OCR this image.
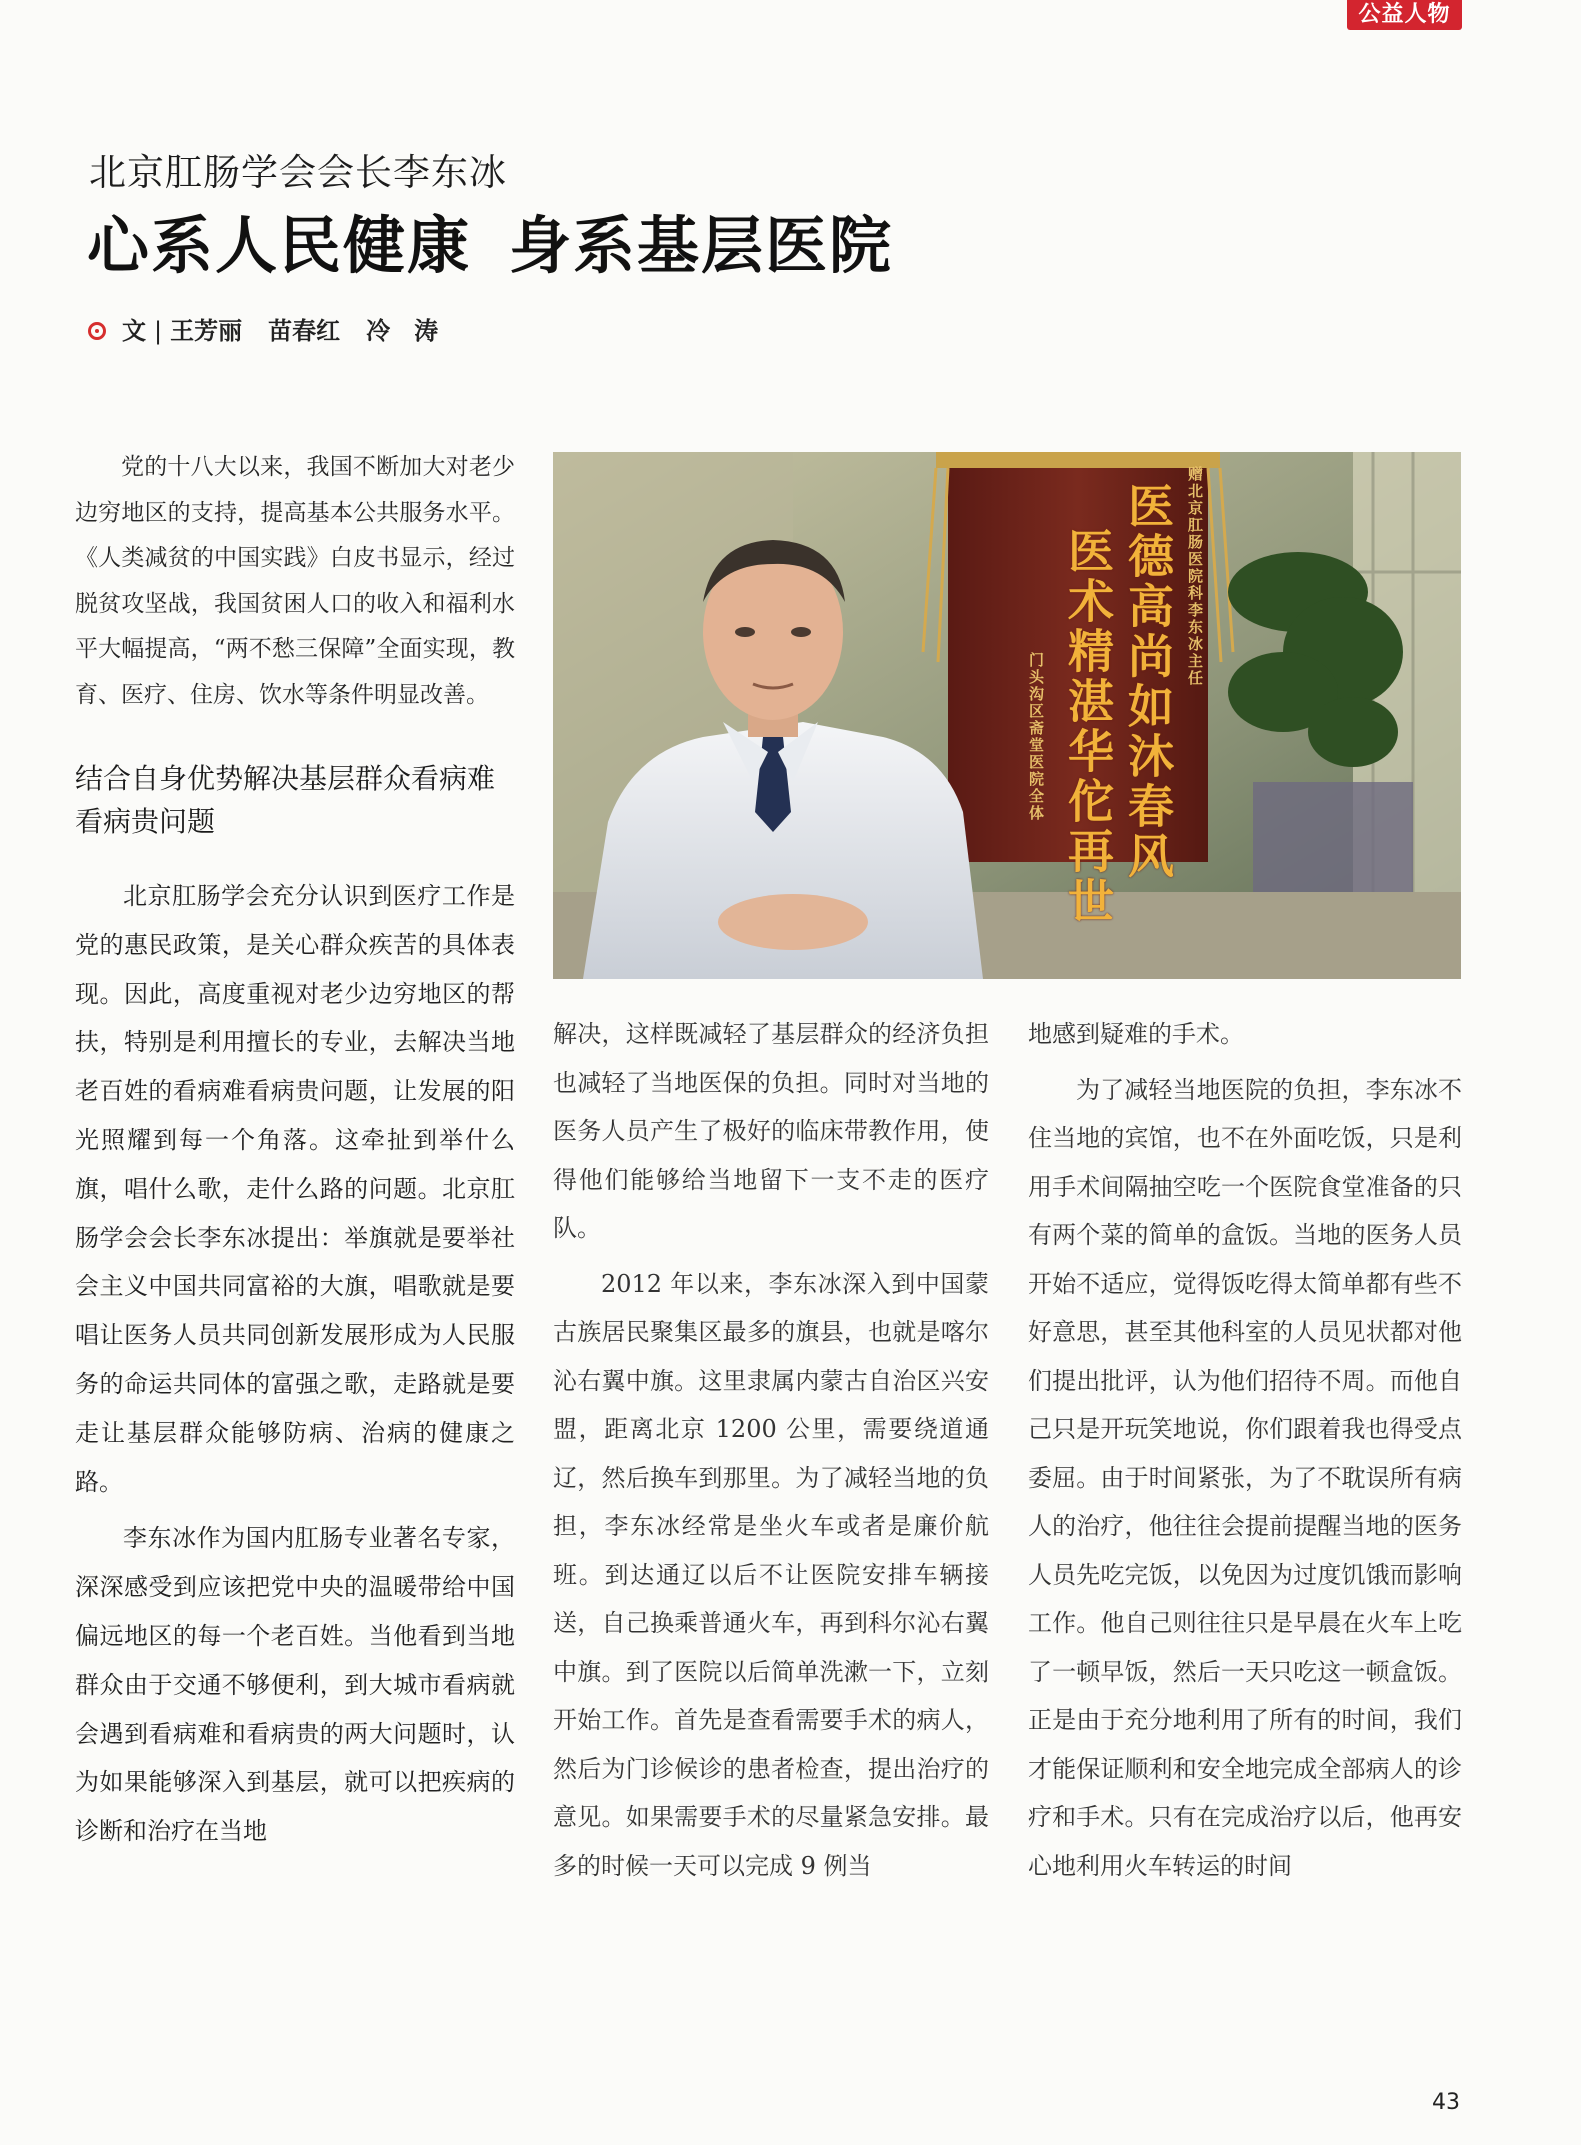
公益人物
北京肛肠学会会长李东冰
心系人民健康 身系基层医院
文 | 王芳丽 苗春红 冷　涛

党的十八大以来，我国不断加大对老少边穷地区的支持，提高基本公共服务水平。《人类减贫的中国实践》白皮书显示，经过脱贫攻坚战，我国贫困人口的收入和福利水平大幅提高，“两不愁三保障”全面实现，教育、医疗、住房、饮水等条件明显改善。

结合自身优势解决基层群众看病难看病贵问题

北京肛肠学会充分认识到医疗工作是党的惠民政策，是关心群众疾苦的具体表现。因此，高度重视对老少边穷地区的帮扶，特别是利用擅长的专业，去解决当地老百姓的看病难看病贵问题，让发展的阳光照耀到每一个角落。这牵扯到举什么旗，唱什么歌，走什么路的问题。北京肛肠学会会长李东冰提出：举旗就是要举社会主义中国共同富裕的大旗，唱歌就是要唱让医务人员共同创新发展形成为人民服务的命运共同体的富强之歌，走路就是要走让基层群众能够防病、治病的健康之路。

李东冰作为国内肛肠专业著名专家，深深感受到应该把党中央的温暖带给中国偏远地区的每一个老百姓。当他看到当地群众由于交通不够便利，到大城市看病就会遇到看病难和看病贵的两大问题时，认为如果能够深入到基层，就可以把疾病的诊断和治疗在当地

医德高尚如沐春风
医术精湛华佗再世	赠北京肛肠医院科李东冰主任
门头沟区斋堂医院全体

解决，这样既减轻了基层群众的经济负担也减轻了当地医保的负担。同时对当地的医务人员产生了极好的临床带教作用，使得他们能够给当地留下一支不走的医疗队。

2012 年以来，李东冰深入到中国蒙古族居民聚集区最多的旗县，也就是喀尔沁右翼中旗。这里隶属内蒙古自治区兴安盟，距离北京 1200 公里，需要绕道通辽，然后换车到那里。为了减轻当地的负担，李东冰经常是坐火车或者是廉价航班。到达通辽以后不让医院安排车辆接送，自己换乘普通火车，再到科尔沁右翼中旗。到了医院以后简单洗漱一下，立刻开始工作。首先是查看需要手术的病人，然后为门诊候诊的患者检查，提出治疗的意见。如果需要手术的尽量紧急安排。最多的时候一天可以完成 9 例当

地感到疑难的手术。

为了减轻当地医院的负担，李东冰不住当地的宾馆，也不在外面吃饭，只是利用手术间隔抽空吃一个医院食堂准备的只有两个菜的简单的盒饭。当地的医务人员开始不适应，觉得饭吃得太简单都有些不好意思，甚至其他科室的人员见状都对他们提出批评，认为他们招待不周。而他自己只是开玩笑地说，你们跟着我也得受点委屈。由于时间紧张，为了不耽误所有病人的治疗，他往往会提前提醒当地的医务人员先吃完饭，以免因为过度饥饿而影响工作。他自己则往往只是早晨在火车上吃了一顿早饭，然后一天只吃这一顿盒饭。正是由于充分地利用了所有的时间，我们才能保证顺利和安全地完成全部病人的诊疗和手术。只有在完成治疗以后，他再安心地利用火车转运的时间

43
